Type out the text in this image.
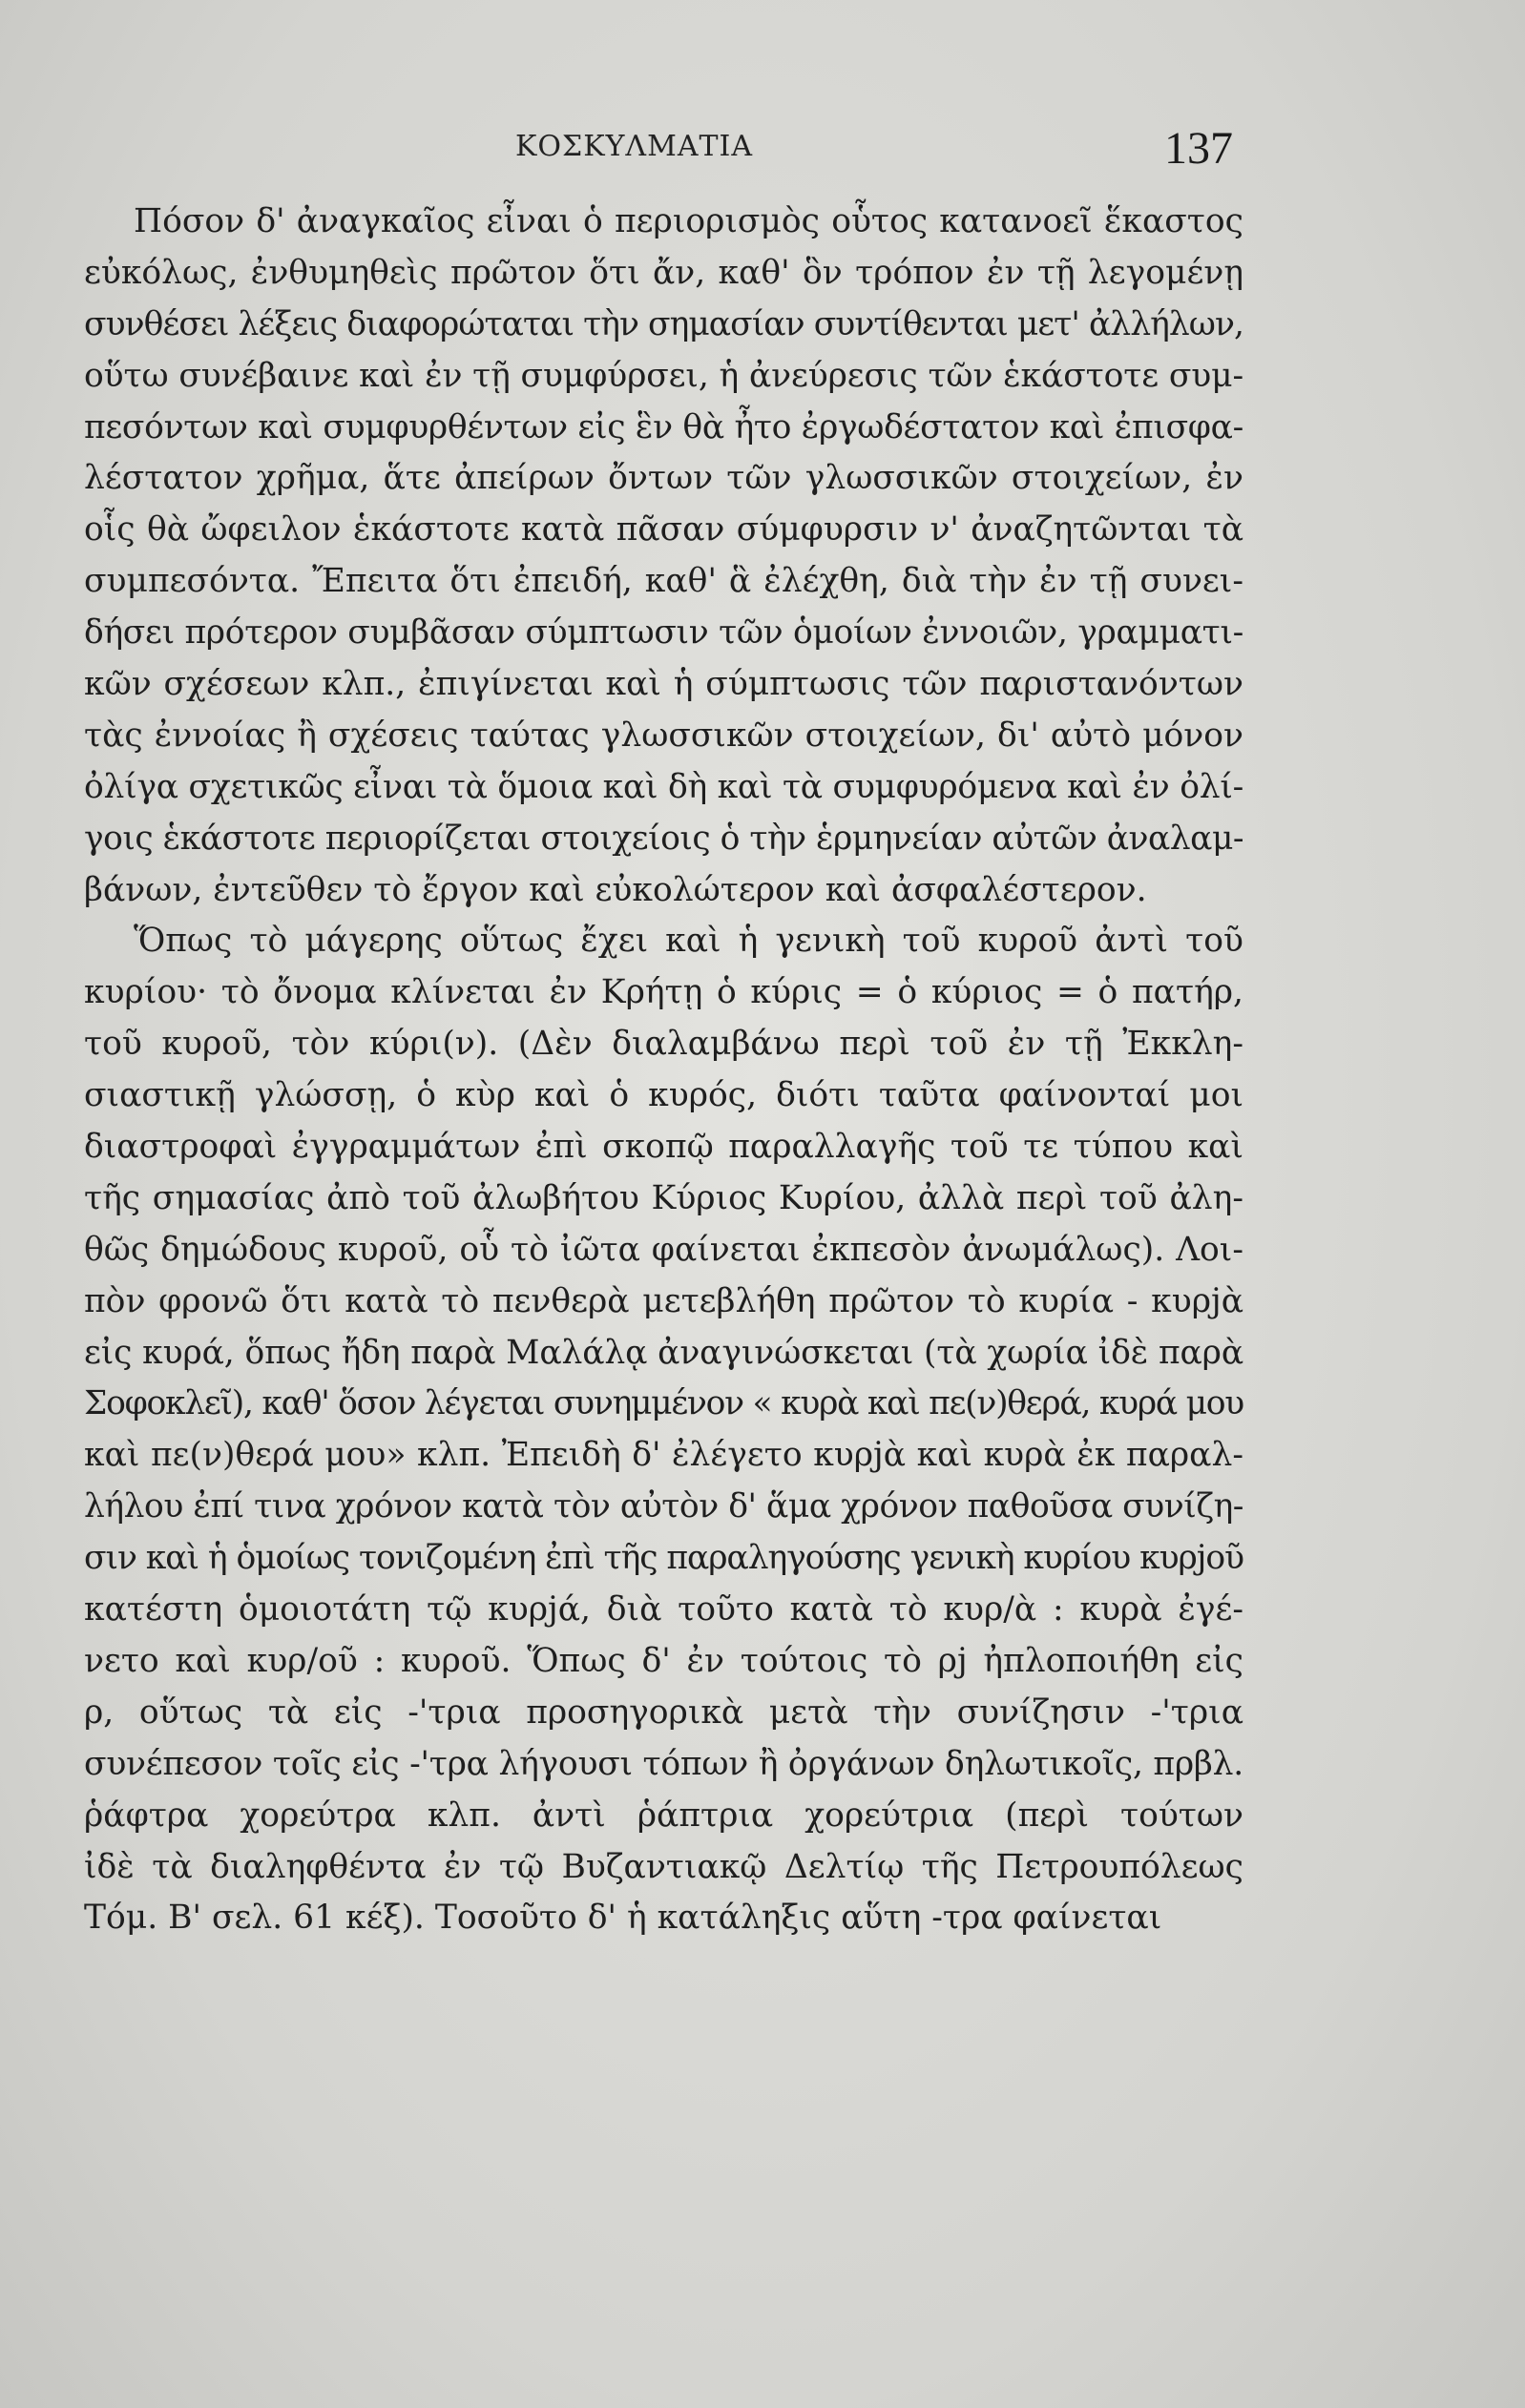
ΚΟΣΚΥΛΜΑΤΙΑ	137
Πόσον δ' ἀναγκαῖος εἶναι ὁ περιορισμὸς οὗτος κατανοεῖ ἕκαστος
εὐκόλως, ἐνθυμηθεὶς πρῶτον ὅτι ἄν, καθ' ὃν τρόπον ἐν τῇ λεγομένῃ
συνθέσει λέξεις διαφορώταται τὴν σημασίαν συντίθενται μετ' ἀλλήλων,
οὕτω συνέβαινε καὶ ἐν τῇ συμφύρσει, ἡ ἀνεύρεσις τῶν ἑκάστοτε συμ-
πεσόντων καὶ συμφυρθέντων εἰς ἓν θὰ ἦτο ἐργωδέστατον καὶ ἐπισφα-
λέστατον χρῆμα, ἅτε ἀπείρων ὄντων τῶν γλωσσικῶν στοιχείων, ἐν
οἷς θὰ ὤφειλον ἑκάστοτε κατὰ πᾶσαν σύμφυρσιν ν' ἀναζητῶνται τὰ
συμπεσόντα. Ἔπειτα ὅτι ἐπειδή, καθ' ἃ ἐλέχθη, διὰ τὴν ἐν τῇ συνει-
δήσει πρότερον συμβᾶσαν σύμπτωσιν τῶν ὁμοίων ἐννοιῶν, γραμματι-
κῶν σχέσεων κλπ., ἐπιγίνεται καὶ ἡ σύμπτωσις τῶν παριστανόντων
τὰς ἐννοίας ἢ σχέσεις ταύτας γλωσσικῶν στοιχείων, δι' αὐτὸ μόνον
ὀλίγα σχετικῶς εἶναι τὰ ὅμοια καὶ δὴ καὶ τὰ συμφυρόμενα καὶ ἐν ὀλί-
γοις ἑκάστοτε περιορίζεται στοιχείοις ὁ τὴν ἑρμηνείαν αὐτῶν ἀναλαμ-
βάνων, ἐντεῦθεν τὸ ἔργον καὶ εὐκολώτερον καὶ ἀσφαλέστερον.
Ὅπως τὸ μάγερης οὕτως ἔχει καὶ ἡ γενικὴ τοῦ κυροῦ ἀντὶ τοῦ
κυρίου· τὸ ὄνομα κλίνεται ἐν Κρήτῃ ὁ κύρις = ὁ κύριος = ὁ πατήρ,
τοῦ κυροῦ, τὸν κύρι(ν). (Δὲν διαλαμβάνω περὶ τοῦ ἐν τῇ Ἐκκλη-
σιαστικῇ γλώσσῃ, ὁ κὺρ καὶ ὁ κυρός, διότι ταῦτα φαίνονταί μοι
διαστροφαὶ ἐγγραμμάτων ἐπὶ σκοπῷ παραλλαγῆς τοῦ τε τύπου καὶ
τῆς σημασίας ἀπὸ τοῦ ἀλωβήτου Κύριος Κυρίου, ἀλλὰ περὶ τοῦ ἀλη-
θῶς δημώδους κυροῦ, οὗ τὸ ἰῶτα φαίνεται ἐκπεσὸν ἀνωμάλως). Λοι-
πὸν φρονῶ ὅτι κατὰ τὸ πενθερὰ μετεβλήθη πρῶτον τὸ κυρία - κυρjὰ
εἰς κυρά, ὅπως ἤδη παρὰ Μαλάλᾳ ἀναγινώσκεται (τὰ χωρία ἰδὲ παρὰ
Σοφοκλεῖ), καθ' ὅσον λέγεται συνημμένον « κυρὰ καὶ πε(ν)θερά, κυρά μου
καὶ πε(ν)θερά μου» κλπ. Ἐπειδὴ δ' ἐλέγετο κυρjὰ καὶ κυρὰ ἐκ παραλ-
λήλου ἐπί τινα χρόνον κατὰ τὸν αὐτὸν δ' ἅμα χρόνον παθοῦσα συνίζη-
σιν καὶ ἡ ὁμοίως τονιζομένη ἐπὶ τῆς παραληγούσης γενικὴ κυρίου κυρjοῦ
κατέστη ὁμοιοτάτη τῷ κυρjά, διὰ τοῦτο κατὰ τὸ κυρ/ὰ : κυρὰ ἐγέ-
νετο καὶ κυρ/οῦ : κυροῦ. Ὅπως δ' ἐν τούτοις τὸ ρj ἠπλοποιήθη εἰς
ρ, οὕτως τὰ εἰς -'τρια προσηγορικὰ μετὰ τὴν συνίζησιν -'τρια
συνέπεσον τοῖς εἰς -'τρα λήγουσι τόπων ἢ ὀργάνων δηλωτικοῖς, πρβλ.
ῥάφτρα χορεύτρα κλπ. ἀντὶ ῥάπτρια χορεύτρια (περὶ τούτων
ἰδὲ τὰ διαληφθέντα ἐν τῷ Βυζαντιακῷ Δελτίῳ τῆς Πετρουπόλεως
Τόμ. Β' σελ. 61 κέξ). Τοσοῦτο δ' ἡ κατάληξις αὕτη -τρα φαίνεται
